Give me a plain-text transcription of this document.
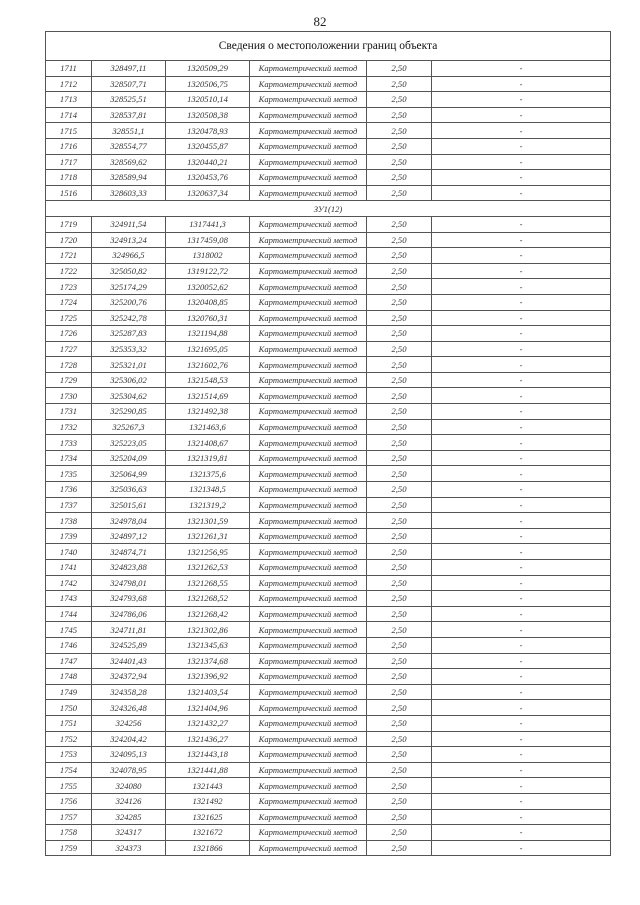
82
Сведения о местоположении границ объекта					
1711	328497,11	1320509,29	Картометрический метод	2,50	-
1712	328507,71	1320506,75	Картометрический метод	2,50	-
1713	328525,51	1320510,14	Картометрический метод	2,50	-
1714	328537,81	1320508,38	Картометрический метод	2,50	-
1715	328551,1	1320478,93	Картометрический метод	2,50	-
1716	328554,77	1320455,87	Картометрический метод	2,50	-
1717	328569,62	1320440,21	Картометрический метод	2,50	-
1718	328589,94	1320453,76	Картометрический метод	2,50	-
1516	328603,33	1320637,34	Картометрический метод	2,50	-
ЗУ1(12)					
1719	324911,54	1317441,3	Картометрический метод	2,50	-
1720	324913,24	1317459,08	Картометрический метод	2,50	-
1721	324966,5	1318002	Картометрический метод	2,50	-
1722	325050,82	1319122,72	Картометрический метод	2,50	-
1723	325174,29	1320052,62	Картометрический метод	2,50	-
1724	325200,76	1320408,85	Картометрический метод	2,50	-
1725	325242,78	1320760,31	Картометрический метод	2,50	-
1726	325287,83	1321194,88	Картометрический метод	2,50	-
1727	325353,32	1321695,05	Картометрический метод	2,50	-
1728	325321,01	1321602,76	Картометрический метод	2,50	-
1729	325306,02	1321548,53	Картометрический метод	2,50	-
1730	325304,62	1321514,69	Картометрический метод	2,50	-
1731	325290,85	1321492,38	Картометрический метод	2,50	-
1732	325267,3	1321463,6	Картометрический метод	2,50	-
1733	325223,05	1321408,67	Картометрический метод	2,50	-
1734	325204,09	1321319,81	Картометрический метод	2,50	-
1735	325064,99	1321375,6	Картометрический метод	2,50	-
1736	325036,63	1321348,5	Картометрический метод	2,50	-
1737	325015,61	1321319,2	Картометрический метод	2,50	-
1738	324978,04	1321301,59	Картометрический метод	2,50	-
1739	324897,12	1321261,31	Картометрический метод	2,50	-
1740	324874,71	1321256,95	Картометрический метод	2,50	-
1741	324823,88	1321262,53	Картометрический метод	2,50	-
1742	324798,01	1321268,55	Картометрический метод	2,50	-
1743	324793,68	1321268,52	Картометрический метод	2,50	-
1744	324786,06	1321268,42	Картометрический метод	2,50	-
1745	324711,81	1321302,86	Картометрический метод	2,50	-
1746	324525,89	1321345,63	Картометрический метод	2,50	-
1747	324401,43	1321374,68	Картометрический метод	2,50	-
1748	324372,94	1321396,92	Картометрический метод	2,50	-
1749	324358,28	1321403,54	Картометрический метод	2,50	-
1750	324326,48	1321404,96	Картометрический метод	2,50	-
1751	324256	1321432,27	Картометрический метод	2,50	-
1752	324204,42	1321436,27	Картометрический метод	2,50	-
1753	324095,13	1321443,18	Картометрический метод	2,50	-
1754	324078,95	1321441,88	Картометрический метод	2,50	-
1755	324080	1321443	Картометрический метод	2,50	-
1756	324126	1321492	Картометрический метод	2,50	-
1757	324285	1321625	Картометрический метод	2,50	-
1758	324317	1321672	Картометрический метод	2,50	-
1759	324373	1321866	Картометрический метод	2,50	-
